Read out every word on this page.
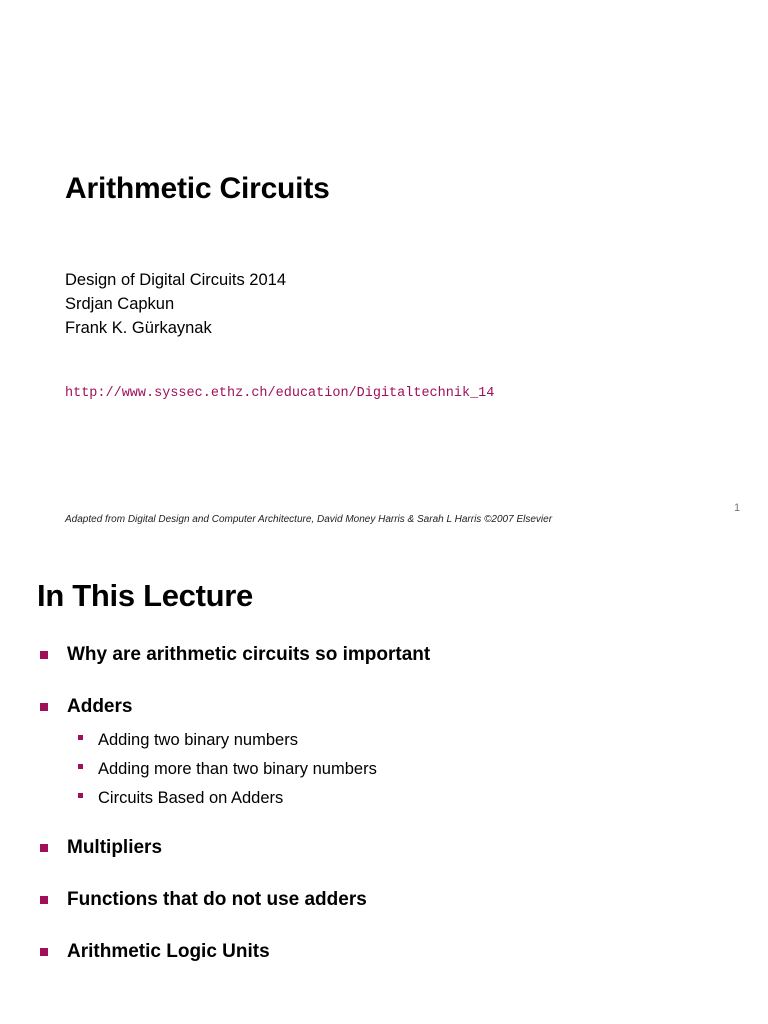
Arithmetic Circuits
Design of Digital Circuits 2014
Srdjan Capkun
Frank K. Gürkaynak
http://www.syssec.ethz.ch/education/Digitaltechnik_14
Adapted from Digital Design and Computer Architecture, David Money Harris & Sarah L Harris ©2007 Elsevier
1
In This Lecture
Why are arithmetic circuits so important
Adders
Adding two binary numbers
Adding more than two binary numbers
Circuits Based on Adders
Multipliers
Functions that do not use adders
Arithmetic Logic Units
